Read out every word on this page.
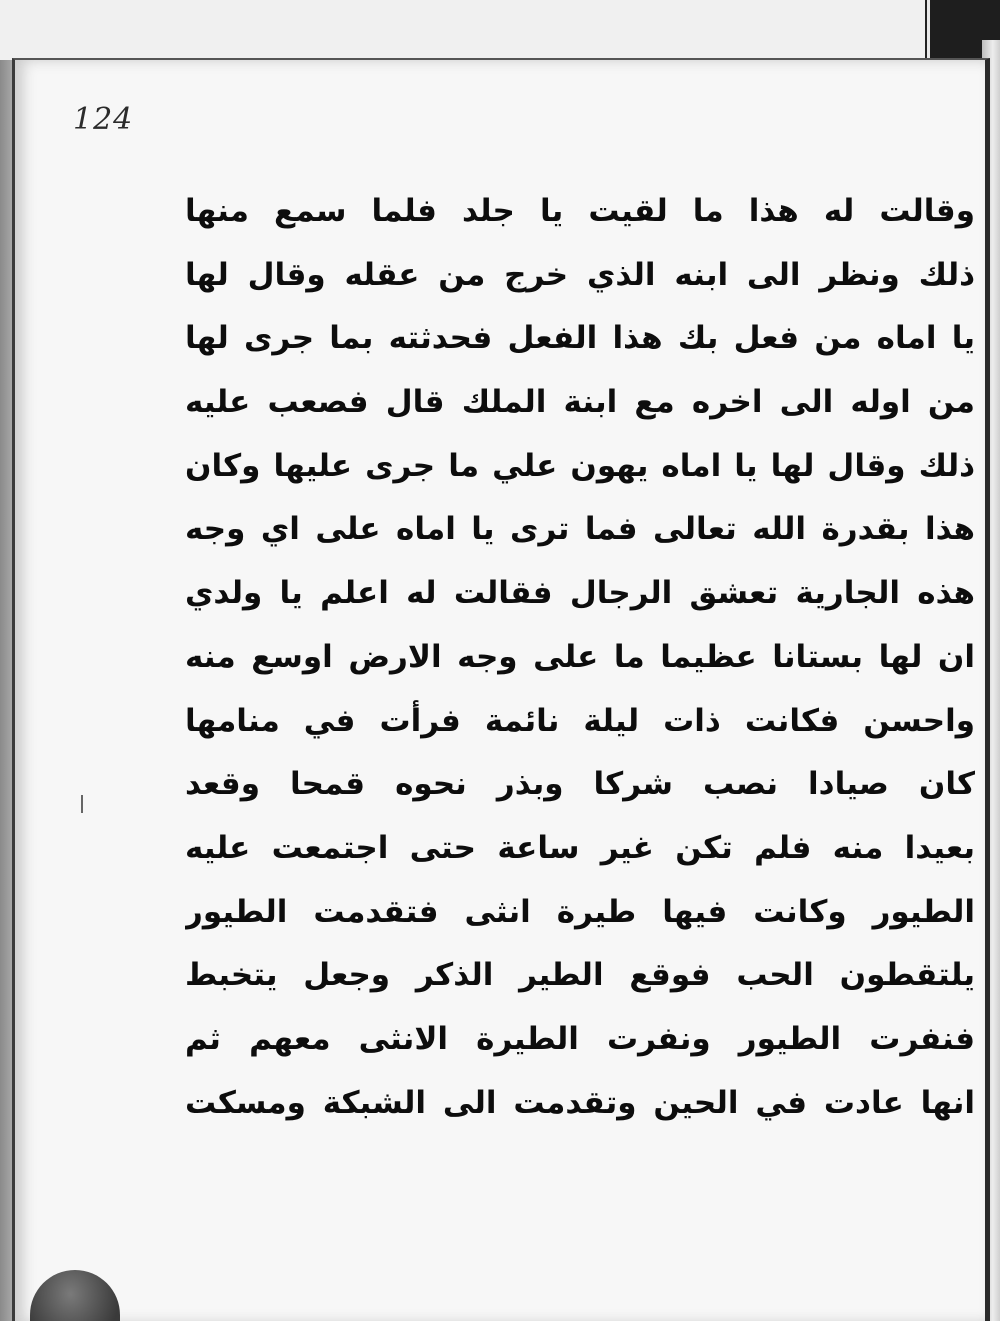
124
وقالت له هذا ما لقيت يا جلد فلما سمع منها
ذلك ونظر الى ابنه الذي خرج من عقله وقال لها
يا اماه من فعل بك هذا الفعل فحدثته بما جرى لها
من اوله الى اخره مع ابنة الملك قال فصعب عليه
ذلك وقال لها يا اماه يهون علي ما جرى عليها وكان
هذا بقدرة الله تعالى فما ترى يا اماه على اي وجه
هذه الجارية تعشق الرجال فقالت له اعلم يا ولدي
ان لها بستانا عظيما ما على وجه الارض اوسع منه
واحسن فكانت ذات ليلة نائمة فرأت في منامها
كان صيادا نصب شركا وبذر نحوه قمحا وقعد
بعيدا منه فلم تكن غير ساعة حتى اجتمعت عليه
الطيور وكانت فيها طيرة انثى فتقدمت الطيور
يلتقطون الحب فوقع الطير الذكر وجعل يتخبط
فنفرت الطيور ونفرت الطيرة الانثى معهم ثم
انها عادت في الحين وتقدمت الى الشبكة ومسكت
